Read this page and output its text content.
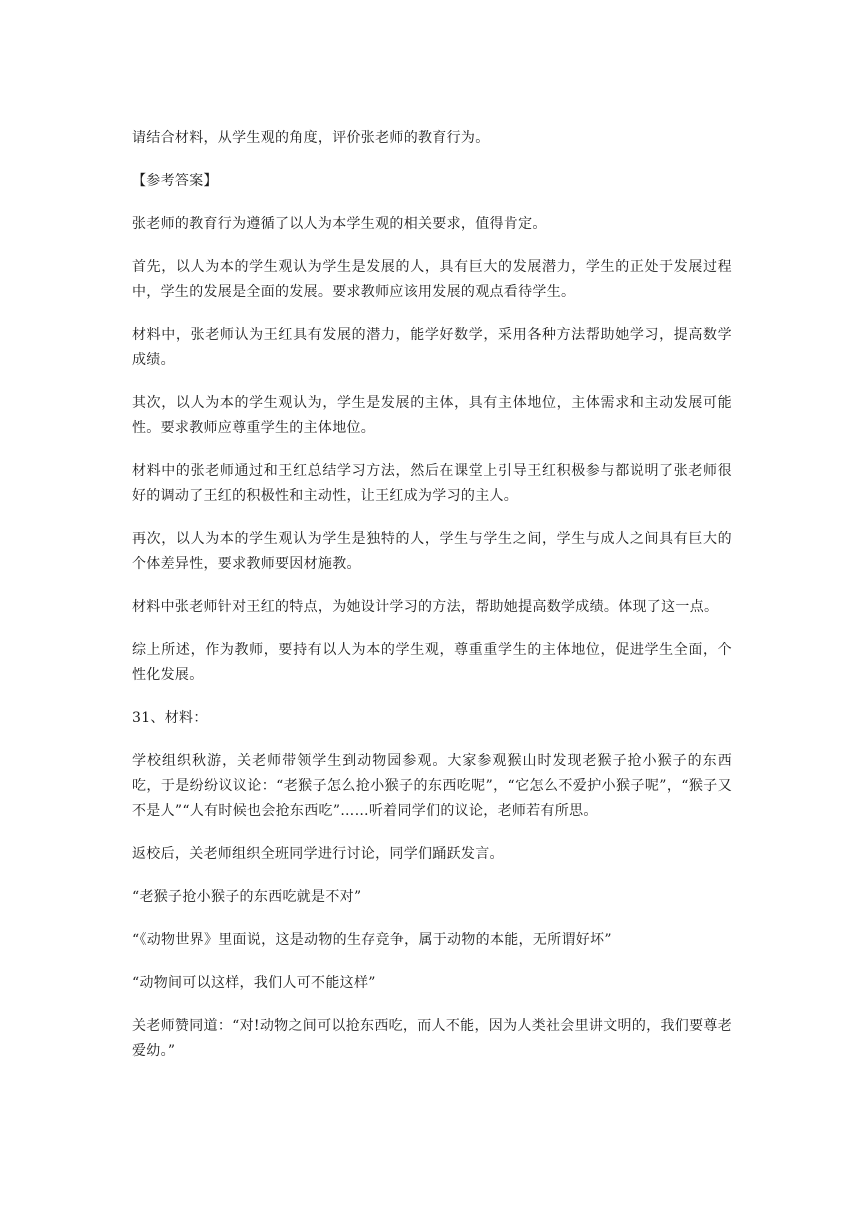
请结合材料，从学生观的角度，评价张老师的教育行为。

【参考答案】

张老师的教育行为遵循了以人为本学生观的相关要求，值得肯定。

首先，以人为本的学生观认为学生是发展的人，具有巨大的发展潜力，学生的正处于发展过程中，学生的发展是全面的发展。要求教师应该用发展的观点看待学生。

材料中，张老师认为王红具有发展的潜力，能学好数学，采用各种方法帮助她学习，提高数学成绩。

其次，以人为本的学生观认为，学生是发展的主体，具有主体地位，主体需求和主动发展可能性。要求教师应尊重学生的主体地位。

材料中的张老师通过和王红总结学习方法，然后在课堂上引导王红积极参与都说明了张老师很好的调动了王红的积极性和主动性，让王红成为学习的主人。

再次，以人为本的学生观认为学生是独特的人，学生与学生之间，学生与成人之间具有巨大的个体差异性，要求教师要因材施教。

材料中张老师针对王红的特点，为她设计学习的方法，帮助她提高数学成绩。体现了这一点。

综上所述，作为教师，要持有以人为本的学生观，尊重重学生的主体地位，促进学生全面，个性化发展。

31、材料：

学校组织秋游，关老师带领学生到动物园参观。大家参观猴山时发现老猴子抢小猴子的东西吃，于是纷纷议议论：“老猴子怎么抢小猴子的东西吃呢”，“它怎么不爱护小猴子呢”，“猴子又不是人”“人有时候也会抢东西吃”……听着同学们的议论，老师若有所思。

返校后，关老师组织全班同学进行讨论，同学们踊跃发言。

“老猴子抢小猴子的东西吃就是不对”

“《动物世界》里面说，这是动物的生存竞争，属于动物的本能，无所谓好坏”

“动物间可以这样，我们人可不能这样”

关老师赞同道：“对!动物之间可以抢东西吃，而人不能，因为人类社会里讲文明的，我们要尊老爱幼。”
